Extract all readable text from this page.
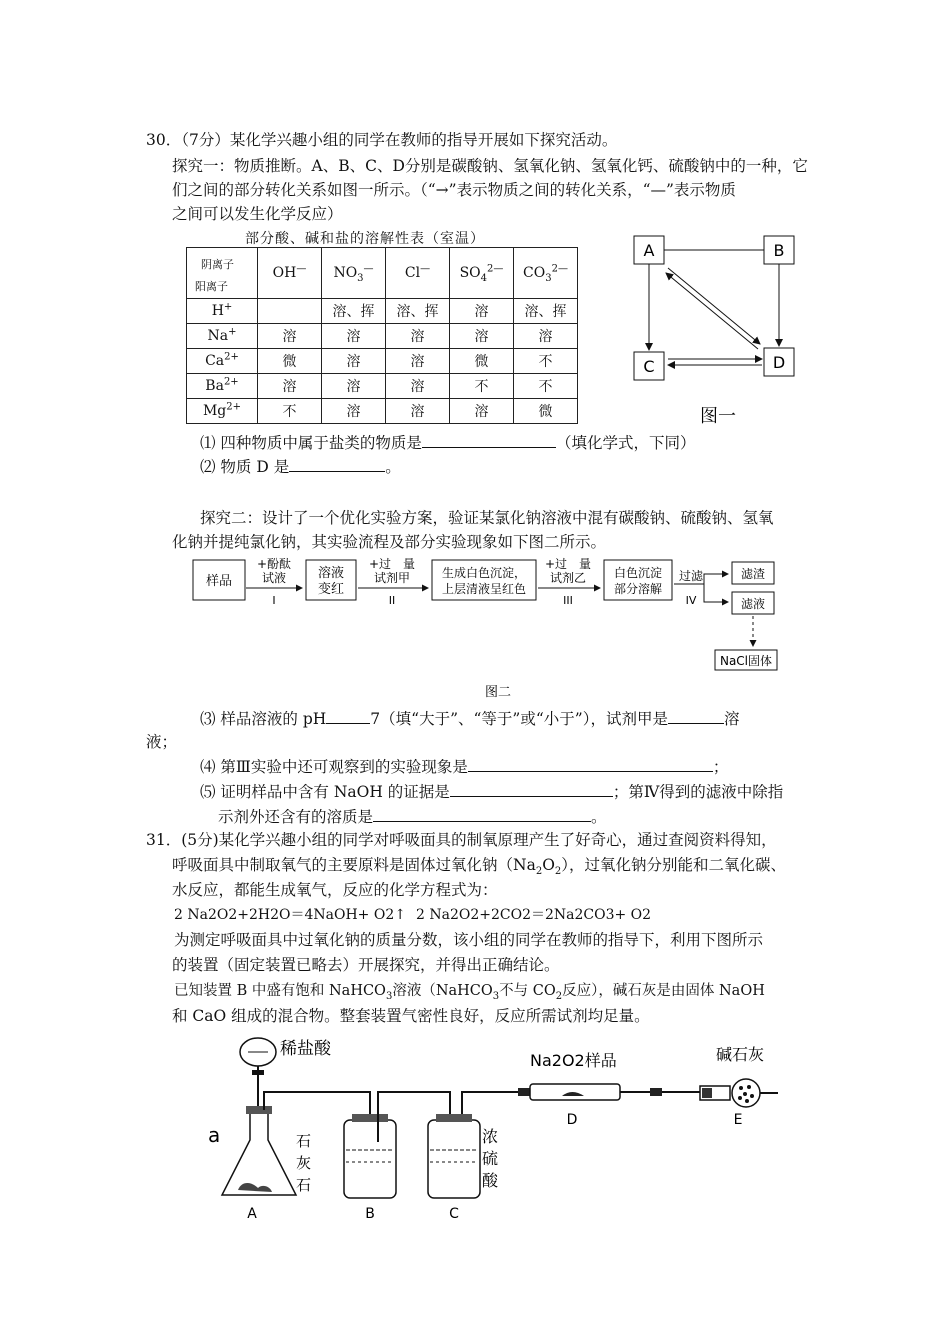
30．（7分）某化学兴趣小组的同学在教师的指导开展如下探究活动。
探究一：物质推断。A、B、C、D分别是碳酸钠、氢氧化钠、氢氧化钙、硫酸钠中的一种，它
们之间的部分转化关系如图一所示。（“→”表示物质之间的转化关系，“—”表示物质
之间可以发生化学反应）
部分酸、碱和盐的溶解性表（室温）
阴离子
阳离子	OH—	$NO_3^—$	Cl—	$SO_4^{2—}$	$CO_3^{2—}$
H+		溶、挥	溶、挥	溶	溶、挥
Na+	溶	溶	溶	溶	溶
$Ca^{2+}$	微	溶	溶	微	不
$Ba^{2+}$	溶	溶	溶	不	不
$Mg^{2+}$	不	溶	溶	溶	微
A	B
C	D
图一
⑴ 四种物质中属于盐类的物质是	（填化学式，下同）
⑵ 物质 D 是	。
探究二：设计了一个优化实验方案，验证某氯化钠溶液中混有碳酸钠、硫酸钠、氢氧
化钠并提纯氯化钠，其实验流程及部分实验现象如下图二所示。
样品
+酚酞
试液
I
溶液
变红
+过　量
试剂甲
II
生成白色沉淀，
上层清液呈红色
+过　量
试剂乙
III
白色沉淀
部分溶解
过滤
IV
滤渣
滤液
NaCl固体
图二
⑶ 样品溶液的 pH	7（填“大于”、“等于”或“小于”），试剂甲是	溶
液；
⑷ 第Ⅲ实验中还可观察到的实验现象是	；
⑸ 证明样品中含有 NaOH 的证据是	；第Ⅳ得到的滤液中除指
示剂外还含有的溶质是	。
31．(5分)某化学兴趣小组的同学对呼吸面具的制氧原理产生了好奇心，通过查阅资料得知，
呼吸面具中制取氧气的主要原料是固体过氧化钠$(Na_2O_2)$，过氧化钠分别能和二氧化碳、
水反应，都能生成氧气，反应的化学方程式为：
2 Na2O2+2H2O＝4NaOH+ O2↑ 2 Na2O2+2CO2＝2Na2CO3+ O2
为测定呼吸面具中过氧化钠的质量分数，该小组的同学在教师的指导下，利用下图所示
的装置（固定装置已略去）开展探究，并得出正确结论。
已知装置 B 中盛有饱和 NaHCO$_3$溶液（NaHCO$_3$不与 $CO_2$反应），碱石灰是由固体 NaOH
和 CaO 组成的混合物。整套装置气密性良好，反应所需试剂均足量。
稀盐酸
a	石
灰
石
浓
硫
酸
Na2O2样品	碱石灰
A	B	C
D	E
